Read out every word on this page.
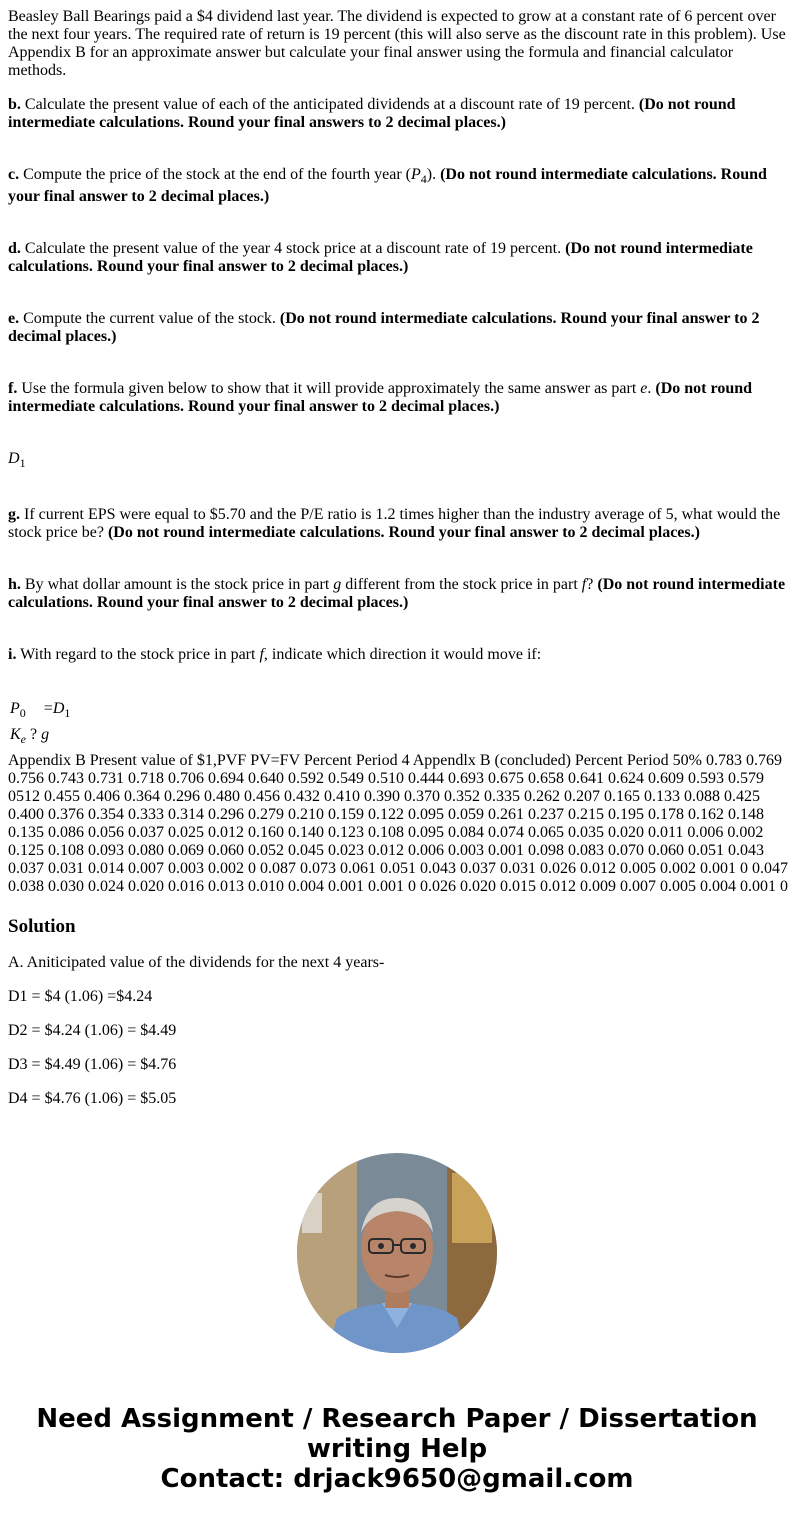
Beasley Ball Bearings paid a $4 dividend last year. The dividend is expected to grow at a constant rate of 6 percent over the next four years. The required rate of return is 19 percent (this will also serve as the discount rate in this problem). Use Appendix B for an approximate answer but calculate your final answer using the formula and financial calculator methods.

b. Calculate the present value of each of the anticipated dividends at a discount rate of 19 percent. (Do not round intermediate calculations. Round your final answers to 2 decimal places.)

c. Compute the price of the stock at the end of the fourth year $(P_4)$. (Do not round intermediate calculations. Round your final answer to 2 decimal places.)

d. Calculate the present value of the year 4 stock price at a discount rate of 19 percent. (Do not round intermediate calculations. Round your final answer to 2 decimal places.)

e. Compute the current value of the stock. (Do not round intermediate calculations. Round your final answer to 2 decimal places.)

f. Use the formula given below to show that it will provide approximately the same answer as part e. (Do not round intermediate calculations. Round your final answer to 2 decimal places.)

$D_1$

g. If current EPS were equal to $5.70 and the P/E ratio is 1.2 times higher than the industry average of 5, what would the stock price be? (Do not round intermediate calculations. Round your final answer to 2 decimal places.)

h. By what dollar amount is the stock price in part g different from the stock price in part f? (Do not round intermediate calculations. Round your final answer to 2 decimal places.)

i. With regard to the stock price in part f, indicate which direction it would move if:

$P_0 =D_1$
$K_e$ ? g

Appendix B Present value of $1,PVF PV=FV Percent Period 4 Appendlx B (concluded) Percent Period 50% 0.783 0.769 0.756 0.743 0.731 0.718 0.706 0.694 0.640 0.592 0.549 0.510 0.444 0.693 0.675 0.658 0.641 0.624 0.609 0.593 0.579 0512 0.455 0.406 0.364 0.296 0.480 0.456 0.432 0.410 0.390 0.370 0.352 0.335 0.262 0.207 0.165 0.133 0.088 0.425 0.400 0.376 0.354 0.333 0.314 0.296 0.279 0.210 0.159 0.122 0.095 0.059 0.261 0.237 0.215 0.195 0.178 0.162 0.148 0.135 0.086 0.056 0.037 0.025 0.012 0.160 0.140 0.123 0.108 0.095 0.084 0.074 0.065 0.035 0.020 0.011 0.006 0.002 0.125 0.108 0.093 0.080 0.069 0.060 0.052 0.045 0.023 0.012 0.006 0.003 0.001 0.098 0.083 0.070 0.060 0.051 0.043 0.037 0.031 0.014 0.007 0.003 0.002 0 0.087 0.073 0.061 0.051 0.043 0.037 0.031 0.026 0.012 0.005 0.002 0.001 0 0.047 0.038 0.030 0.024 0.020 0.016 0.013 0.010 0.004 0.001 0.001 0 0.026 0.020 0.015 0.012 0.009 0.007 0.005 0.004 0.001 0

Solution

A. Aniticipated value of the dividends for the next 4 years-

D1 = $4 (1.06) =$4.24

D2 = $4.24 (1.06) = $4.49

D3 = $4.49 (1.06) = $4.76

D4 = $4.76 (1.06) = $5.05

Need Assignment / Research Paper / Dissertation writing Help
Contact: drjack9650@gmail.com
